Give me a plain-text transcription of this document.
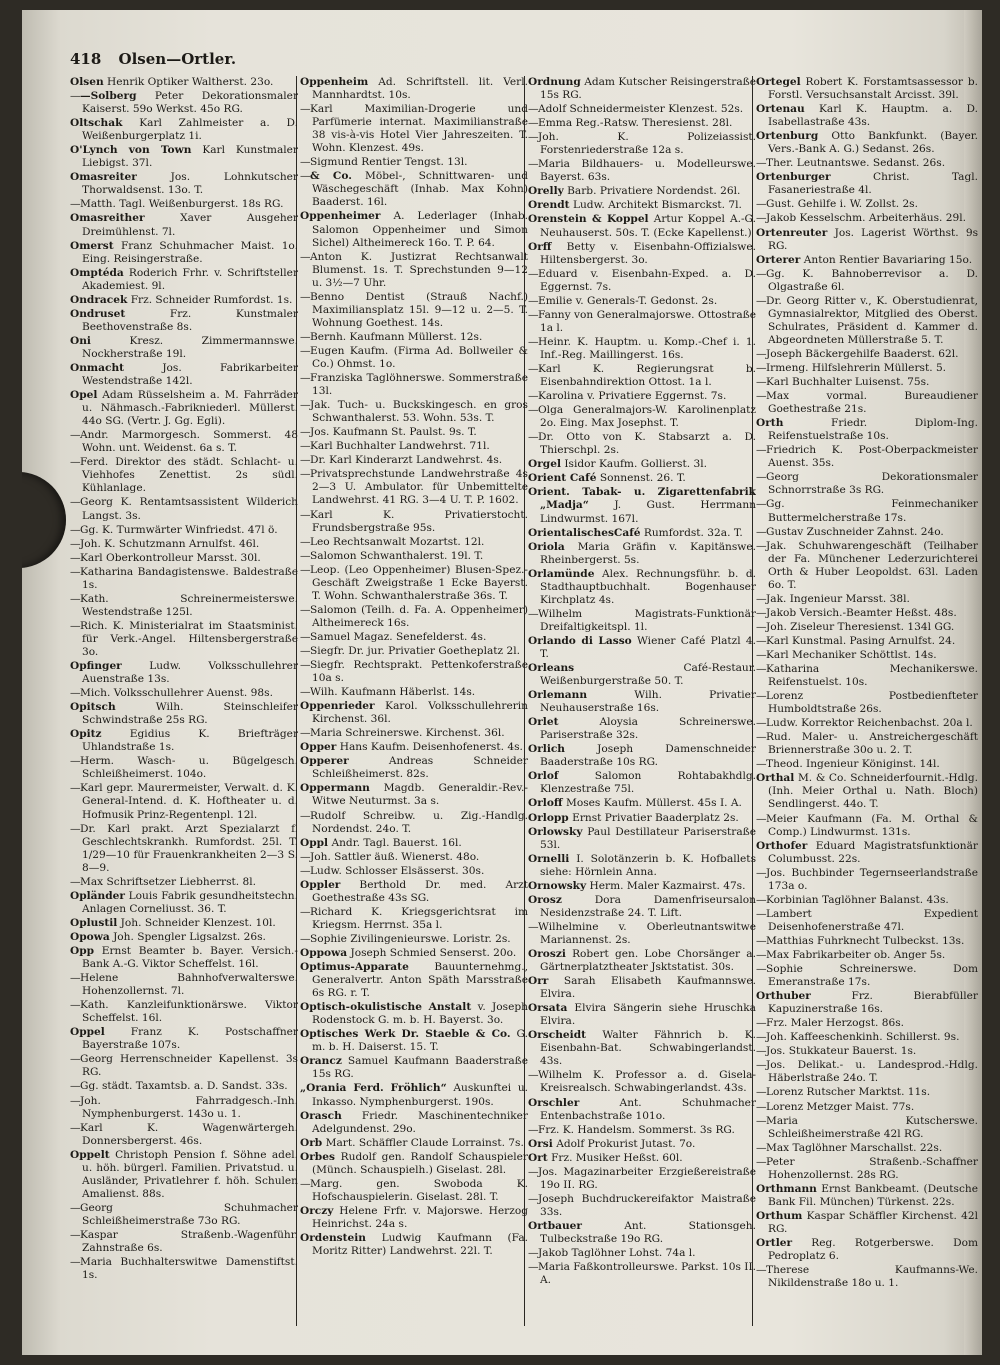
418 Olsen—Ortler.
Olsen Henrik Optiker Waltherst. 23o.
——Solberg Peter Dekorationsmaler Kaiserst. 59o Werkst. 45o RG.
Oltschak Karl Zahlmeister a. D. Weißenburgerplatz 1i.
O'Lynch von Town Karl Kunstmaler Liebigst. 37l.
Omasreiter	Jos. Lohnkutscher Thorwaldsenst. 13o. T.
—Matth. Tagl. Weißenburgerst. 18s RG.
Omasreither	Xaver Ausgeher Dreimühlenst. 7l.
Omerst Franz Schuhmacher Maist. 1o. Eing. Reisingerstraße.
Omptéda Roderich Frhr. v. Schriftsteller Akademiest. 9l.
Ondracek Frz. Schneider Rumfordst. 1s.
Ondruset	Frz. Kunstmaler Beethovenstraße 8s.
Oni	Kresz. Zimmermannswe. Nockherstraße 19l.
Onmacht	Jos. Fabrikarbeiter Westendstraße 142l.
Opel Adam Rüsselsheim a. M. Fahrräder u. Nähmasch.-Fabrikniederl. Müllerst. 44o SG. (Vertr. J. Gg. Egli).
—Andr. Marmorgesch. Sommerst. 48 Wohn. unt. Weidenst. 6a s. T.
—Ferd. Direktor des städt. Schlacht- u. Viehhofes Zenettist. 2s südl. Kühlanlage.
—Georg K. Rentamtsassistent Wilderich Langst. 3s.
—Gg. K. Turmwärter Winfriedst. 47l ö.
—Joh. K. Schutzmann Arnulfst. 46l.
—Karl Oberkontrolleur Marsst. 30l.
—Katharina Bandagistenswe. Baldestraße 1s.
—Kath. Schreinermeisterswe. Westendstraße 125l.
—Rich. K. Ministerialrat im Staatsminist. für Verk.-Angel. Hiltensbergerstraße 3o.
Opfinger	Ludw. Volksschullehrer Auenstraße 13s.
—Mich. Volksschullehrer Auenst. 98s.
Opitsch	Wilh. Steinschleifer Schwindstraße 25s RG.
Opitz	Egidius K. Briefträger Uhlandstraße 1s.
—Herm. Wasch- u. Bügelgesch. Schleißheimerst. 104o.
—Karl gepr. Maurermeister, Verwalt. d. K. General-Intend. d. K. Hoftheater u. d. Hofmusik Prinz-Regentenpl. 12l.
—Dr. Karl prakt. Arzt Spezialarzt f. Geschlechtskrankh. Rumfordst. 25l. T. 1/29—10 für Frauenkrankheiten 2—3 S. 8—9.
—Max Schriftsetzer Liebherrst. 8l.
Opländer Louis Fabrik gesundheitstechn. Anlagen Corneliusst. 36. T.
Oplustil Joh. Schneider Klenzest. 10l.
Opowa Joh. Spengler Ligsalzst. 26s.
Opp Ernst Beamter b. Bayer. Versich.-Bank A.-G. Viktor Scheffelst. 16l.
—Helene Bahnhofverwalterswe. Hohenzollernst. 7l.
—Kath. Kanzleifunktionärswe. Viktor Scheffelst. 16l.
Oppel Franz K. Postschaffner Bayerstraße 107s.
—Georg Herrenschneider Kapellenst. 3s RG.
—Gg. städt. Taxamtsb. a. D. Sandst. 33s.
—Joh. Fahrradgesch.-Inh. Nymphenburgerst. 143o u. 1.
—Karl K. Wagenwärtergeh. Donnersbergerst. 46s.
Oppelt Christoph Pension f. Söhne adel. u. höh. bürgerl. Familien. Privatstud. u. Ausländer, Privatlehrer f. höh. Schulen Amalienst. 88s.
—Georg Schuhmacher Schleißheimerstraße 73o RG.
—Kaspar Straßenb.-Wagenführ. Zahnstraße 6s.
—Maria Buchhalterswitwe Damenstiftst. 1s.
Oppenheim Ad. Schriftstell. lit. Verl. Mannhardtst. 10s.
—Karl Maximilian-Drogerie und Parfümerie internat. Maximilianstraße 38 vis-à-vis Hotel Vier Jahreszeiten. T. Wohn. Klenzest. 49s.
—Sigmund Rentier Tengst. 13l.
—& Co. Möbel-, Schnittwaren- und Wäschegeschäft (Inhab. Max Kohn) Baaderst. 16l.
Oppenheimer A. Lederlager (Inhab. Salomon Oppenheimer und Simon Sichel) Altheimereck 16o. T. P. 64.
—Anton K. Justizrat Rechtsanwalt Blumenst. 1s. T. Sprechstunden 9—12 u. 3½—7 Uhr.
—Benno Dentist (Strauß Nachf.) Maximiliansplatz 15l. 9—12 u. 2—5. T. Wohnung Goethest. 14s.
—Bernh. Kaufmann Müllerst. 12s.
—Eugen Kaufm. (Firma Ad. Bollweiler & Co.) Ohmst. 1o.
—Franziska Taglöhnerswe. Sommerstraße 13l.
—Jak. Tuch- u. Buckskingesch. en gros Schwanthalerst. 53. Wohn. 53s. T.
—Jos. Kaufmann St. Paulst. 9s. T.
—Karl Buchhalter Landwehrst. 71l.
—Dr. Karl Kinderarzt Landwehrst. 4s.
—Privatsprechstunde Landwehrstraße 4s 2—3 U. Ambulator. für Unbemittelte Landwehrst. 41 RG. 3—4 U. T. P. 1602.
—Karl K. Privatierstocht. Frundsbergstraße 95s.
—Leo Rechtsanwalt Mozartst. 12l.
—Salomon Schwanthalerst. 19l. T.
—Leop. (Leo Oppenheimer) Blusen-Spez.-Geschäft Zweigstraße 1 Ecke Bayerst. T. Wohn. Schwanthalerstraße 36s. T.
—Salomon (Teilh. d. Fa. A. Oppenheimer) Altheimereck 16s.
—Samuel Magaz. Senefelderst. 4s.
—Siegfr. Dr. jur. Privatier Goetheplatz 2l.
—Siegfr. Rechtsprakt. Pettenkoferstraße 10a s.
—Wilh. Kaufmann Häberlst. 14s.
Oppenrieder Karol. Volksschullehrerin Kirchenst. 36l.
—Maria Schreinerswe. Kirchenst. 36l.
Opper Hans Kaufm. Deisenhofenerst. 4s.
Opperer	Andreas Schneider Schleißheimerst. 82s.
Oppermann Magdb. Generaldir.-Rev.-Witwe Neuturmst. 3a s.
—Rudolf Schreibw. u. Zig.-Handlg. Nordendst. 24o. T.
Oppl Andr. Tagl. Bauerst. 16l.
—Joh. Sattler äuß. Wienerst. 48o.
—Ludw. Schlosser Elsässerst. 30s.
Oppler Berthold Dr. med. Arzt Goethestraße 43s SG.
—Richard K. Kriegsgerichtsrat im Kriegsm. Herrnst. 35a l.
—Sophie Zivilingenieurswe. Loristr. 2s.
Oppowa Joseph Schmied Senserst. 20o.
Optimus-Apparate Bauunternehmg., Generalvertr. Anton Späth Marsstraße 6s RG. r. T.
Optisch-okulistische Anstalt v. Joseph Rodenstock G. m. b. H. Bayerst. 3o.
Optisches Werk Dr. Staeble & Co. G. m. b. H. Daiserst. 15. T.
Orancz Samuel Kaufmann Baaderstraße 15s RG.
„Orania Ferd. Fröhlich“ Auskunftei u. Inkasso. Nymphenburgerst. 190s.
Orasch Friedr. Maschinentechniker Adelgundenst. 29o.
Orb Mart. Schäffler Claude Lorrainst. 7s.
Orbes Rudolf gen. Randolf Schauspieler (Münch. Schauspielh.) Giselast. 28l.
—Marg. gen. Swoboda K. Hofschauspielerin. Giselast. 28l. T.
Orczy Helene Frfr. v. Majorswe. Herzog Heinrichst. 24a s.
Ordenstein Ludwig Kaufmann (Fa. Moritz Ritter) Landwehrst. 22l. T.
Ordnung Adam Kutscher Reisingerstraße 15s RG.
—Adolf Schneidermeister Klenzest. 52s.
—Emma Reg.-Ratsw. Theresienst. 28l.
—Joh. K. Polizeiassist. Forstenriederstraße 12a s.
—Maria Bildhauers- u. Modelleurswe. Bayerst. 63s.
Orelly Barb. Privatiere Nordendst. 26l.
Orendt Ludw. Architekt Bismarckst. 7l.
Orenstein & Koppel Artur Koppel A.-G. Neuhauserst. 50s. T. (Ecke Kapellenst.)
Orff Betty v. Eisenbahn-Offizialswe. Hiltensbergerst. 3o.
—Eduard v. Eisenbahn-Exped. a. D. Eggernst. 7s.
—Emilie v. Generals-T. Gedonst. 2s.
—Fanny von Generalmajorswe. Ottostraße 1a l.
—Heinr. K. Hauptm. u. Komp.-Chef i. 1. Inf.-Reg. Maillingerst. 16s.
—Karl K. Regierungsrat b. Eisenbahndirektion Ottost. 1a l.
—Karolina v. Privatiere Eggernst. 7s.
—Olga Generalmajors-W. Karolinenplatz 2o. Eing. Max Josephst. T.
—Dr. Otto von K. Stabsarzt a. D. Thierschpl. 2s.
Orgel Isidor Kaufm. Gollierst. 3l.
Orient Café Sonnenst. 26. T.
Orient. Tabak- u. Zigarettenfabrik „Madja“ J. Gust. Herrmann Lindwurmst. 167l.
OrientalischesCafé Rumfordst. 32a. T.
Oriola Maria Gräfin v. Kapitänswe. Rheinbergerst. 5s.
Orlamünde Alex. Rechnungsführ. b. d. Stadthauptbuchhalt. Bogenhauser Kirchplatz 4s.
—Wilhelm Magistrats-Funktionär Dreifaltigkeitspl. 1l.
Orlando di Lasso Wiener Café Platzl 4. T.
Orleans	Café-Restaur. Weißenburgerstraße 50. T.
Orlemann	Wilh. Privatier Neuhauserstraße 16s.
Orlet	Aloysia Schreinerswe. Pariserstraße 32s.
Orlich	Joseph Damenschneider Baaderstraße 10s RG.
Orlof	Salomon Rohtabakhdlg. Klenzestraße 75l.
Orloff Moses Kaufm. Müllerst. 45s I. A.
Orlopp Ernst Privatier Baaderplatz 2s.
Orlowsky Paul Destillateur Pariserstraße 53l.
Ornelli I. Solotänzerin b. K. Hofballets siehe: Hörnlein Anna.
Ornowsky Herm. Maler Kazmairst. 47s.
Orosz	Dora Damenfriseursalon Nesidenzstraße 24. T. Lift.
—Wilhelmine v. Oberleutnantswitwe Mariannenst. 2s.
Oroszi Robert gen. Lobe Chorsänger a. Gärtnerplatztheater Jsktstatist. 30s.
Orr Sarah Elisabeth Kaufmannswe. Elvira.
Orsata Elvira Sängerin siehe Hruschka Elvira.
Orscheidt Walter Fähnrich b. K. Eisenbahn-Bat. Schwabingerlandst. 43s.
—Wilhelm K. Professor a. d. Gisela-Kreisrealsch. Schwabingerlandst. 43s.
Orschler	Ant. Schuhmacher Entenbachstraße 101o.
—Frz. K. Handelsm. Sommerst. 3s RG.
Orsi Adolf Prokurist Jutast. 7o.
Ort Frz. Musiker Heßst. 60l.
—Jos. Magazinarbeiter Erzgießereistraße 19o II. RG.
—Joseph Buchdruckereifaktor Maistraße 33s.
Ortbauer	Ant. Stationsgeh. Tulbeckstraße 19o RG.
—Jakob Taglöhner Lohst. 74a l.
—Maria Faßkontrolleurswe. Parkst. 10s II. A.
Ortegel Robert K. Forstamtsassessor b. Forstl. Versuchsanstalt Arcisst. 39l.
Ortenau Karl K. Hauptm. a. D. Isabellastraße 43s.
Ortenburg Otto Bankfunkt. (Bayer. Vers.-Bank A. G.) Sedanst. 26s.
—Ther. Leutnantswe. Sedanst. 26s.
Ortenburger	Christ. Tagl. Fasaneriestraße 4l.
—Gust. Gehilfe i. W. Zollst. 2s.
—Jakob Kesselschm. Arbeiterhäus. 29l.
Ortenreuter Jos. Lagerist Wörthst. 9s RG.
Orterer Anton Rentier Bavariaring 15o.
—Gg. K. Bahnoberrevisor a. D. Olgastraße 6l.
—Dr. Georg Ritter v., K. Oberstudienrat, Gymnasialrektor, Mitglied des Oberst. Schulrates, Präsident d. Kammer d. Abgeordneten Müllerstraße 5. T.
—Joseph Bäckergehilfe Baaderst. 62l.
—Irmeng. Hilfslehrerin Müllerst. 5.
—Karl Buchhalter Luisenst. 75s.
—Max vormal. Bureaudiener Goethestraße 21s.
Orth	Friedr. Diplom-Ing. Reifenstuelstraße 10s.
—Friedrich K. Post-Oberpackmeister Auenst. 35s.
—Georg Dekorationsmaler Schnorrstraße 3s RG.
—Gg. Feinmechaniker Buttermelcherstraße 17s.
—Gustav Zuschneider Zahnst. 24o.
—Jak. Schuhwarengeschäft (Teilhaber der Fa. Münchener Lederzurichterei Orth & Huber Leopoldst. 63l. Laden 6o. T.
—Jak. Ingenieur Marsst. 38l.
—Jakob Versich.-Beamter Heßst. 48s.
—Joh. Ziseleur Theresienst. 134l GG.
—Karl Kunstmal. Pasing Arnulfst. 24.
—Karl Mechaniker Schöttlst. 14s.
—Katharina Mechanikerswe. Reifenstuelst. 10s.
—Lorenz Postbedienfteter Humboldtstraße 26s.
—Ludw. Korrektor Reichenbachst. 20a l.
—Rud. Maler- u. Anstreichergeschäft Briennerstraße 30o u. 2. T.
—Theod. Ingenieur Königinst. 14l.
Orthal M. & Co. Schneiderfournit.-Hdlg. (Inh. Meier Orthal u. Nath. Bloch) Sendlingerst. 44o. T.
—Meier Kaufmann (Fa. M. Orthal & Comp.) Lindwurmst. 131s.
Orthofer Eduard Magistratsfunktionär Columbusst. 22s.
—Jos. Buchbinder Tegernseerlandstraße 173a o.
—Korbinian Taglöhner Balanst. 43s.
—Lambert Expedient Deisenhofenerstraße 47l.
—Matthias Fuhrknecht Tulbeckst. 13s.
—Max Fabrikarbeiter ob. Anger 5s.
—Sophie Schreinerswe. Dom Emeranstraße 17s.
Orthuber	Frz. Bierabfüller Kapuzinerstraße 16s.
—Frz. Maler Herzogst. 86s.
—Joh. Kaffeeschenkinh. Schillerst. 9s.
—Jos. Stukkateur Bauerst. 1s.
—Jos. Delikat.- u. Landesprod.-Hdlg. Häberlstraße 24o. T.
—Lorenz Rutscher Marktst. 11s.
—Lorenz Metzger Maist. 77s.
—Maria Kutscherswe. Schleißheimerstraße 42l RG.
—Max Taglöhner Marschallst. 22s.
—Peter Straßenb.-Schaffner Hohenzollernst. 28s RG.
Orthmann Ernst Bankbeamt. (Deutsche Bank Fil. München) Türkenst. 22s.
Orthum Kaspar Schäffler Kirchenst. 42l RG.
Ortler Reg. Rotgerberswe. Dom Pedroplatz 6.
—Therese Kaufmanns-We. Nikildenstraße 18o u. 1.
